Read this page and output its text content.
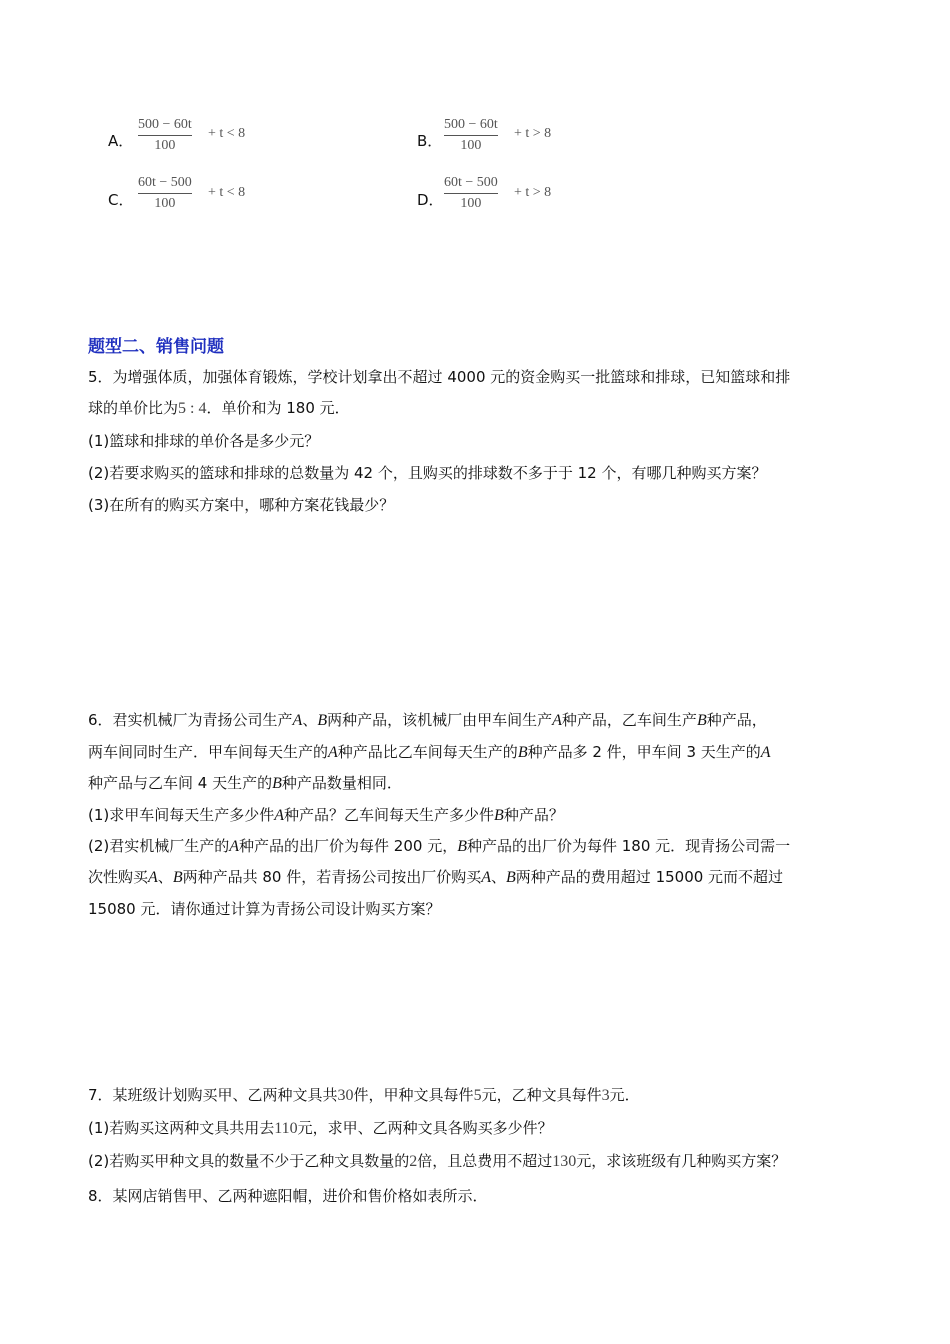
A．
500 − 60t
100
+ t < 8	B．
500 − 60t
100
+ t > 8
C．
60t − 500
100
+ t < 8	D．
60t − 500
100
+ t > 8
题型二、销售问题
5．为增强体质，加强体育锻炼，学校计划拿出不超过 4000 元的资金购买一批篮球和排球，已知篮球和排
球的单价比为5 : 4．单价和为 180 元．
(1)篮球和排球的单价各是多少元？
(2)若要求购买的篮球和排球的总数量为 42 个，且购买的排球数不多于于 12 个，有哪几种购买方案？
(3)在所有的购买方案中，哪种方案花钱最少？
6．君实机械厂为青扬公司生产A、B两种产品，该机械厂由甲车间生产A种产品，乙车间生产B种产品，
两车间同时生产．甲车间每天生产的A种产品比乙车间每天生产的B种产品多 2 件，甲车间 3 天生产的A
种产品与乙车间 4 天生产的B种产品数量相同．
(1)求甲车间每天生产多少件A种产品？乙车间每天生产多少件B种产品？
(2)君实机械厂生产的A种产品的出厂价为每件 200 元，B种产品的出厂价为每件 180 元．现青扬公司需一
次性购买A、B两种产品共 80 件，若青扬公司按出厂价购买A、B两种产品的费用超过 15000 元而不超过
15080 元．请你通过计算为青扬公司设计购买方案？
7．某班级计划购买甲、乙两种文具共30件，甲种文具每件5元，乙种文具每件3元．
(1)若购买这两种文具共用去110元，求甲、乙两种文具各购买多少件？
(2)若购买甲种文具的数量不少于乙种文具数量的2倍，且总费用不超过130元，求该班级有几种购买方案？
8．某网店销售甲、乙两种遮阳帽，进价和售价格如表所示．
